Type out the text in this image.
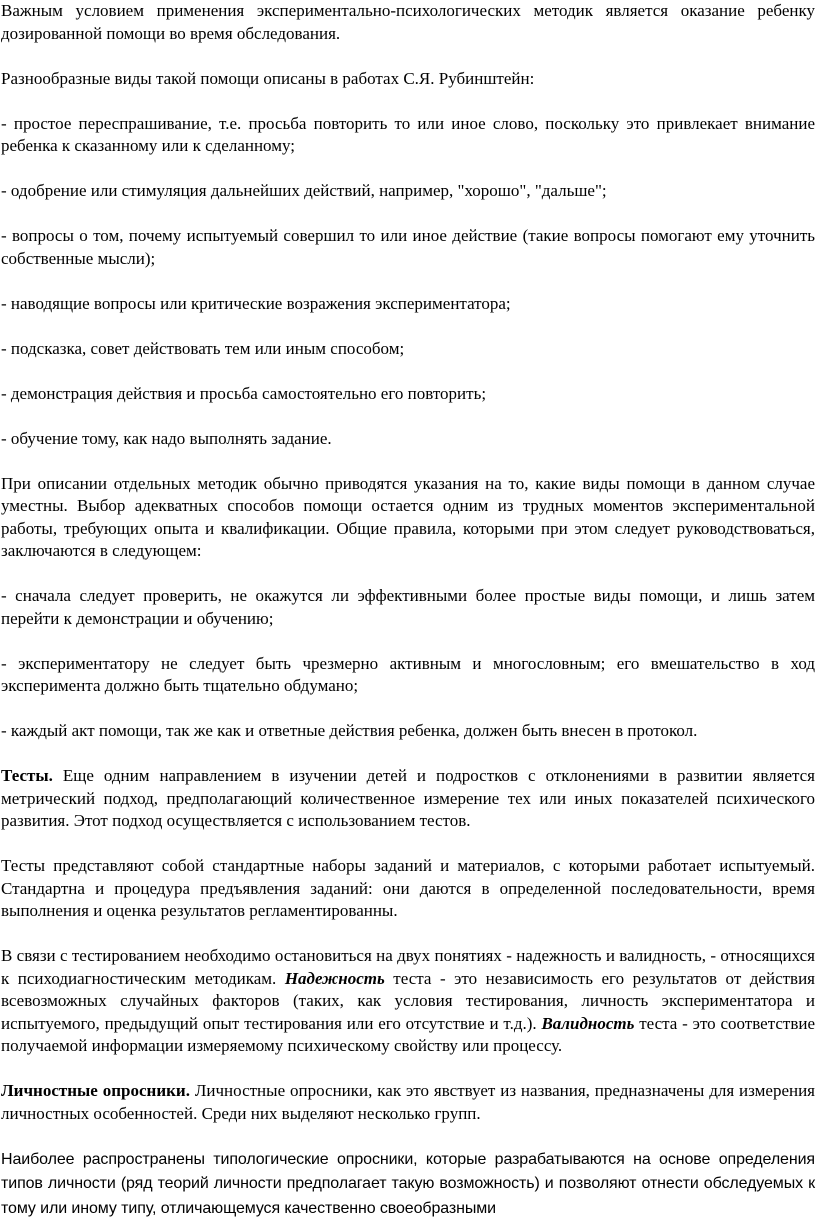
Важным условием применения экспериментально-психологических методик является оказание ребенку дозированной помощи во время обследования.

Разнообразные виды такой помощи описаны в работах С.Я. Рубинштейн:

- простое переспрашивание, т.е. просьба повторить то или иное слово, поскольку это привлекает внимание ребенка к сказанному или к сделанному;

- одобрение или стимуляция дальнейших действий, например, "хорошо", "дальше";

- вопросы о том, почему испытуемый совершил то или иное действие (такие вопросы помогают ему уточнить собственные мысли);

- наводящие вопросы или критические возражения экспериментатора;

- подсказка, совет действовать тем или иным способом;

- демонстрация действия и просьба самостоятельно его повторить;

- обучение тому, как надо выполнять задание.

При описании отдельных методик обычно приводятся указания на то, какие виды помощи в данном случае уместны. Выбор адекватных способов помощи остается одним из трудных моментов экспериментальной работы, требующих опыта и квалификации. Общие правила, которыми при этом следует руководствоваться, заключаются в следующем:

- сначала следует проверить, не окажутся ли эффективными более простые виды помощи, и лишь затем перейти к демонстрации и обучению;

- экспериментатору не следует быть чрезмерно активным и многословным; его вмешательство в ход эксперимента должно быть тщательно обдумано;

- каждый акт помощи, так же как и ответные действия ребенка, должен быть внесен в протокол.

Тесты. Еще одним направлением в изучении детей и подростков с отклонениями в развитии является метрический подход, предполагающий количественное измерение тех или иных показателей психического развития. Этот подход осуществляется с использованием тестов.

Тесты представляют собой стандартные наборы заданий и материалов, с которыми работает испытуемый. Стандартна и процедура предъявления заданий: они даются в определенной последовательности, время выполнения и оценка результатов регламентированны.

В связи с тестированием необходимо остановиться на двух понятиях - надежность и валидность, - относящихся к психодиагностическим методикам. Надежность теста - это независимость его результатов от действия всевозможных случайных факторов (таких, как условия тестирования, личность экспериментатора и испытуемого, предыдущий опыт тестирования или его отсутствие и т.д.). Валидность теста - это соответствие получаемой информации измеряемому психическому свойству или процессу.

Личностные опросники. Личностные опросники, как это явствует из названия, предназначены для измерения личностных особенностей. Среди них выделяют несколько групп.

Наиболее распространены типологические опросники, которые разрабатываются на основе определения типов личности (ряд теорий личности предполагает такую возможность) и позволяют отнести обследуемых к тому или иному типу, отличающемуся качественно своеобразными
